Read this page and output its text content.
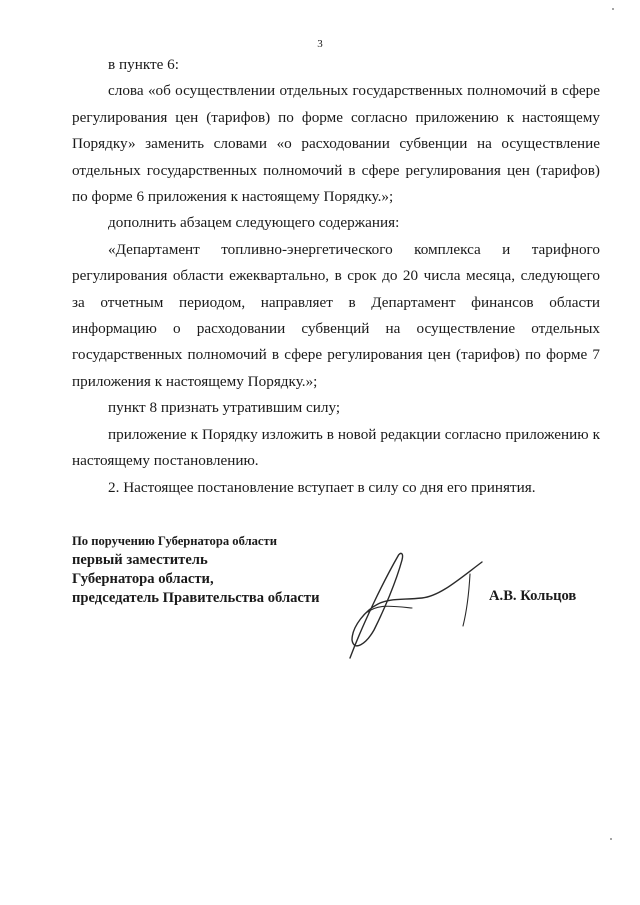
3

в пункте 6:

слова «об осуществлении отдельных государственных полномочий в сфере регулирования цен (тарифов) по форме согласно приложению к настоящему Порядку» заменить словами «о расходовании субвенции на осуществление отдельных государственных полномочий в сфере регулирования цен (тарифов) по форме 6 приложения к настоящему Порядку.»;

дополнить абзацем следующего содержания:

«Департамент топливно-энергетического комплекса и тарифного регулирования области ежеквартально, в срок до 20 числа месяца, следующего за отчетным периодом, направляет в Департамент финансов области информацию о расходовании субвенций на осуществление отдельных государственных полномочий в сфере регулирования цен (тарифов) по форме 7 приложения к настоящему Порядку.»;

пункт 8 признать утратившим силу;

приложение к Порядку изложить в новой редакции согласно приложению к настоящему постановлению.

2. Настоящее постановление вступает в силу со дня его принятия.

По поручению Губернатора области
первый заместитель
Губернатора области,
председатель Правительства области	А.В. Кольцов
